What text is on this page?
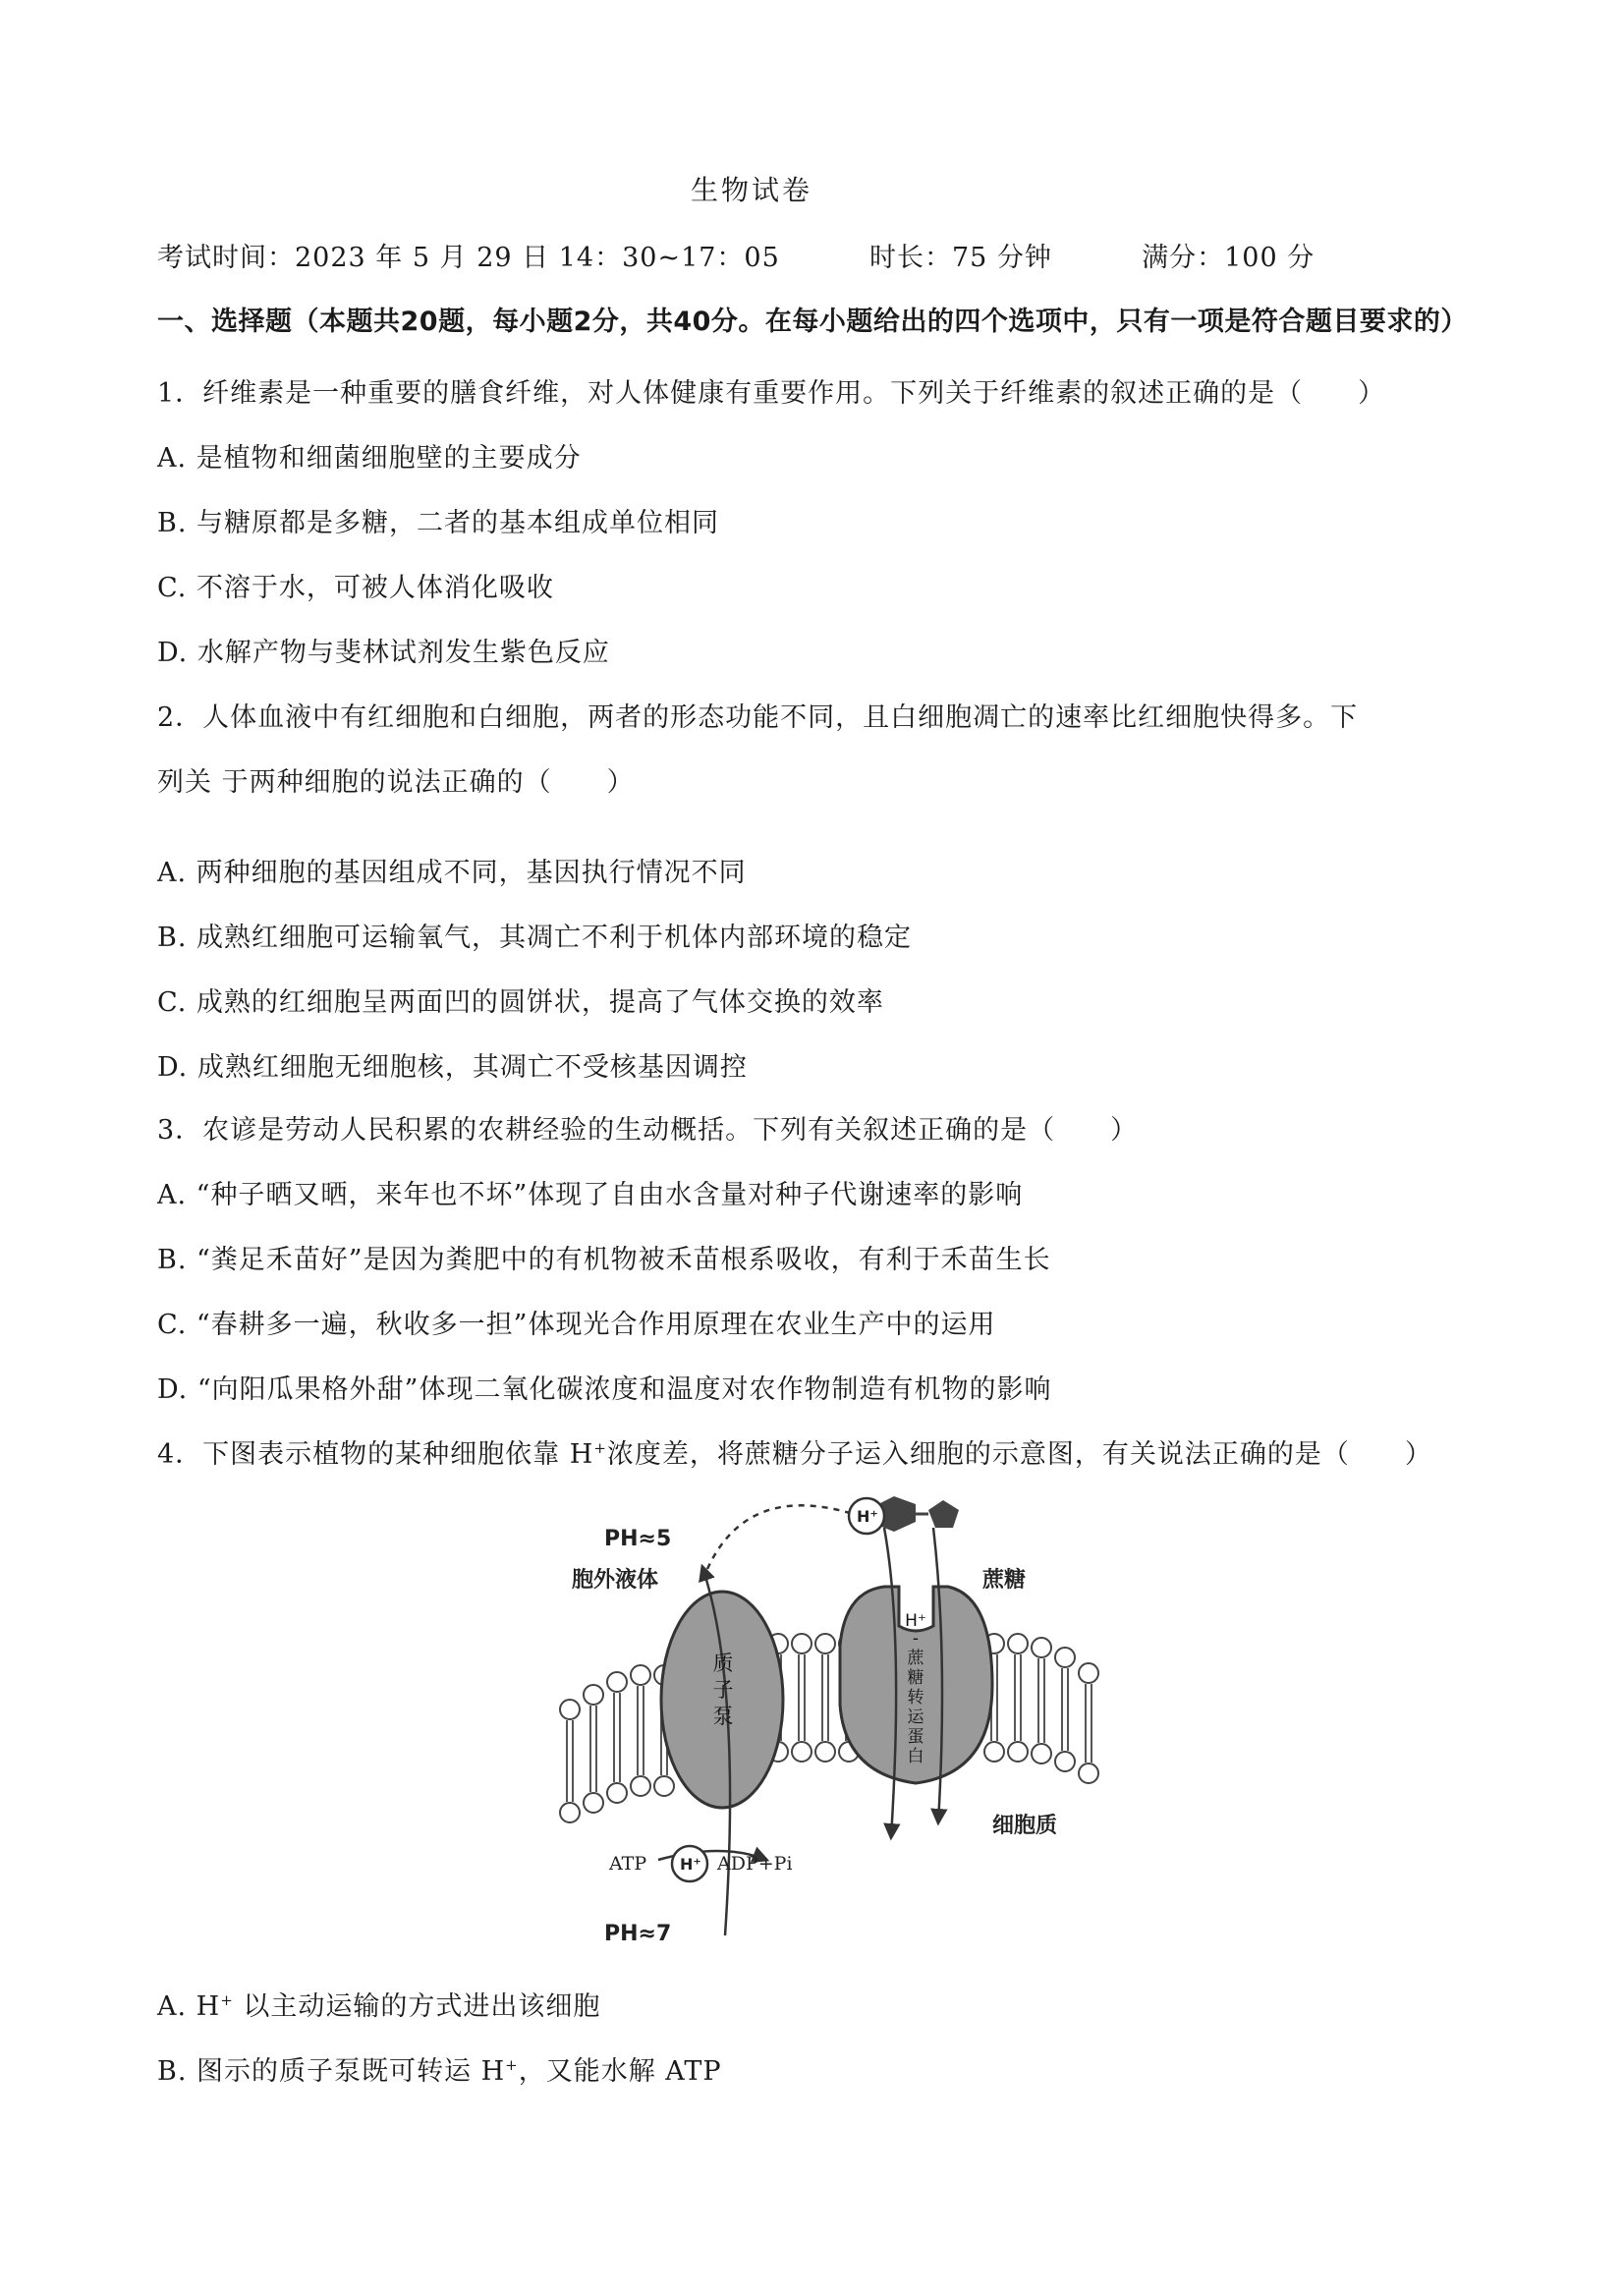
生物试卷
考试时间：2023 年 5 月 29 日 14：30~17：05	时长：75 分钟	满分：100 分
一、选择题（本题共20题，每小题2分，共40分。在每小题给出的四个选项中，只有一项是符合题目要求的）
1．纤维素是一种重要的膳食纤维，对人体健康有重要作用。下列关于纤维素的叙述正确的是（　　）
A. 是植物和细菌细胞壁的主要成分
B. 与糖原都是多糖，二者的基本组成单位相同
C. 不溶于水，可被人体消化吸收
D. 水解产物与斐林试剂发生紫色反应
2．人体血液中有红细胞和白细胞，两者的形态功能不同，且白细胞凋亡的速率比红细胞快得多。下
列关 于两种细胞的说法正确的（　　）
A. 两种细胞的基因组成不同，基因执行情况不同
B. 成熟红细胞可运输氧气，其凋亡不利于机体内部环境的稳定
C. 成熟的红细胞呈两面凹的圆饼状，提高了气体交换的效率
D. 成熟红细胞无细胞核，其凋亡不受核基因调控
3．农谚是劳动人民积累的农耕经验的生动概括。下列有关叙述正确的是（　　）
A. “种子晒又晒，来年也不坏”体现了自由水含量对种子代谢速率的影响
B. “粪足禾苗好”是因为粪肥中的有机物被禾苗根系吸收，有利于禾苗生长
C. “春耕多一遍，秋收多一担”体现光合作用原理在农业生产中的运用
D. “向阳瓜果格外甜”体现二氧化碳浓度和温度对农作物制造有机物的影响
4．下图表示植物的某种细胞依靠 H+浓度差，将蔗糖分子运入细胞的示意图，有关说法正确的是（　　）
PH≈5
胞外液体	蔗糖
细胞质
PH≈7
H⁺
H⁺
ATP	ADP+Pi
质
子
泵
H⁺
-
蔗
糖
转
运
蛋
白
A. H+ 以主动运输的方式进出该细胞
B. 图示的质子泵既可转运 H+，又能水解 ATP
